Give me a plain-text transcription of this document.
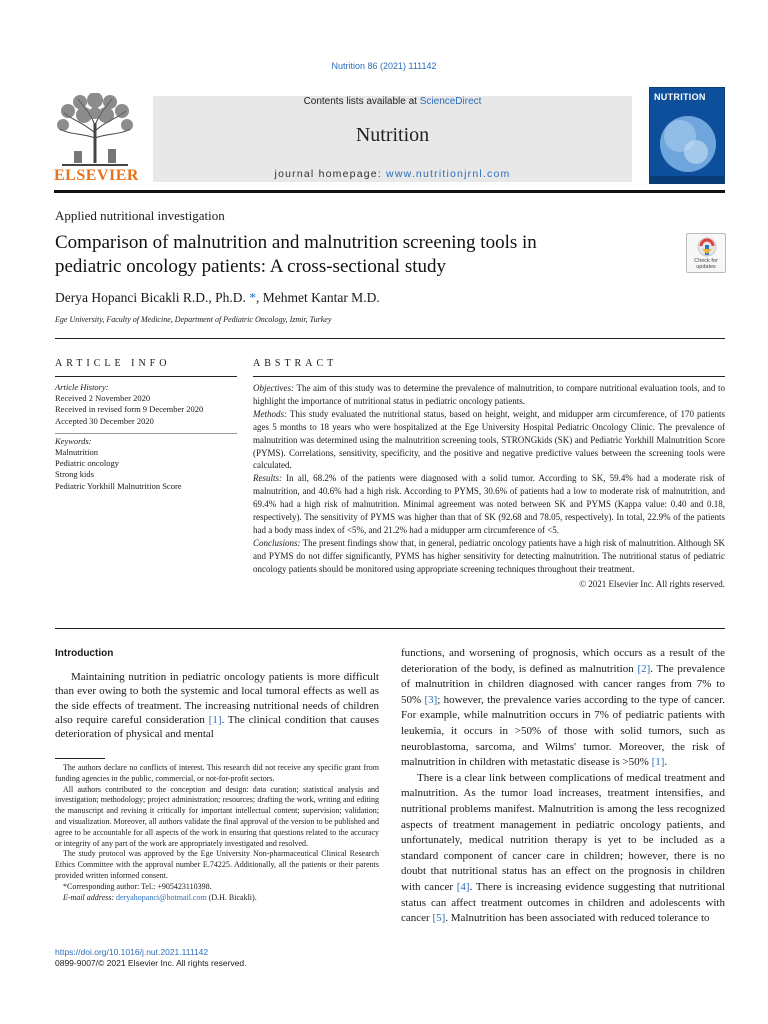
Nutrition 86 (2021) 111142
ELSEVIER
Contents lists available at ScienceDirect
Nutrition
journal homepage: www.nutritionjrnl.com
NUTRITION
Applied nutritional investigation
Comparison of malnutrition and malnutrition screening tools in
pediatric oncology patients: A cross-sectional study	Check for
updates
Derya Hopanci Bicakli R.D., Ph.D. *, Mehmet Kantar M.D.
Ege University, Faculty of Medicine, Department of Pediatric Oncology, Izmir, Turkey
ARTICLE INFO	ABSTRACT
Article History:
Received 2 November 2020
Received in revised form 9 December 2020
Accepted 30 December 2020
Keywords:
Malnutrition
Pediatric oncology
Strong kids
Pediatric Yorkhill Malnutrition Score

Objectives: The aim of this study was to determine the prevalence of malnutrition, to compare nutritional evaluation tools, and to highlight the importance of nutritional status in pediatric oncology patients.

Methods: This study evaluated the nutritional status, based on height, weight, and midupper arm circumference, of 170 patients ages 5 months to 18 years who were hospitalized at the Ege University Hospital Pediatric Oncology Clinic. The prevalence of malnutrition was determined using the malnutrition screening tools, STRONGkids (SK) and Pediatric Yorkhill Malnutrition Score (PYMS). Correlations, sensitivity, specificity, and the positive and negative predictive values between the screening tools were calculated.

Results: In all, 68.2% of the patients were diagnosed with a solid tumor. According to SK, 59.4% had a moderate risk of malnutrition, and 40.6% had a high risk. According to PYMS, 30.6% of patients had a low to moderate risk of malnutrition, and 69.4% had a high risk of malnutrition. Minimal agreement was noted between SK and PYMS (Kappa value: 0.40 and 0.18, respectively). The sensitivity of PYMS was higher than that of SK (92.68 and 78.05, respectively). In total, 22.9% of the patients had a body mass index of <5%, and 21.2% had a midupper arm circumference of <5.

Conclusions: The present findings show that, in general, pediatric oncology patients have a high risk of malnutrition. Although SK and PYMS do not differ significantly, PYMS has higher sensitivity for detecting malnutrition. The nutritional status of pediatric oncology patients should be monitored using appropriate screening techniques throughout their treatment.

© 2021 Elsevier Inc. All rights reserved.
Introduction

Maintaining nutrition in pediatric oncology patients is more difficult than ever owing to both the systemic and local tumoral effects as well as the side effects of treatment. The increasing nutritional needs of children also require careful consideration [1]. The clinical condition that causes deterioration of physical and mental

The authors declare no conflicts of interest. This research did not receive any specific grant from funding agencies in the public, commercial, or not-for-profit sectors.

All authors contributed to the conception and design: data curation; statistical analysis and investigation; methodology; project administration; resources; drafting the work, writing and editing the manuscript and revising it critically for important intellectual content; supervision; validation; and visualization. Moreover, all authors validate the final approval of the version to be published and agree to be accountable for all aspects of the work in ensuring that questions related to the accuracy or integrity of any part of the work are appropriately investigated and resolved.

The study protocol was approved by the Ege University Non-pharmaceutical Clinical Research Ethics Committee with the approval number E.74225. Additionally, all the patients or their parents provided written informed consent.

*Corresponding author: Tel.: +905423110398.

E-mail address: deryahopanci@hotmail.com (D.H. Bicakli).

functions, and worsening of prognosis, which occurs as a result of the deterioration of the body, is defined as malnutrition [2]. The prevalence of malnutrition in children diagnosed with cancer ranges from 7% to 50% [3]; however, the prevalence varies according to the type of cancer. For example, while malnutrition occurs in 7% of pediatric patients with leukemia, it occurs in >50% of those with solid tumors, such as neuroblastoma, sarcoma, and Wilms' tumor. Moreover, the risk of malnutrition in children with metastatic disease is >50% [1].

There is a clear link between complications of medical treatment and malnutrition. As the tumor load increases, treatment intensifies, and nutritional problems manifest. Malnutrition is among the less recognized aspects of treatment management in pediatric oncology patients, and unfortunately, medical nutrition therapy is yet to be included as a standard component of cancer care in children; however, there is no doubt that nutritional status has an effect on the prognosis in children with cancer [4]. There is increasing evidence suggesting that nutritional status can affect treatment outcomes in children and adolescents with cancer [5]. Malnutrition has been associated with reduced tolerance to

https://doi.org/10.1016/j.nut.2021.111142
0899-9007/© 2021 Elsevier Inc. All rights reserved.
